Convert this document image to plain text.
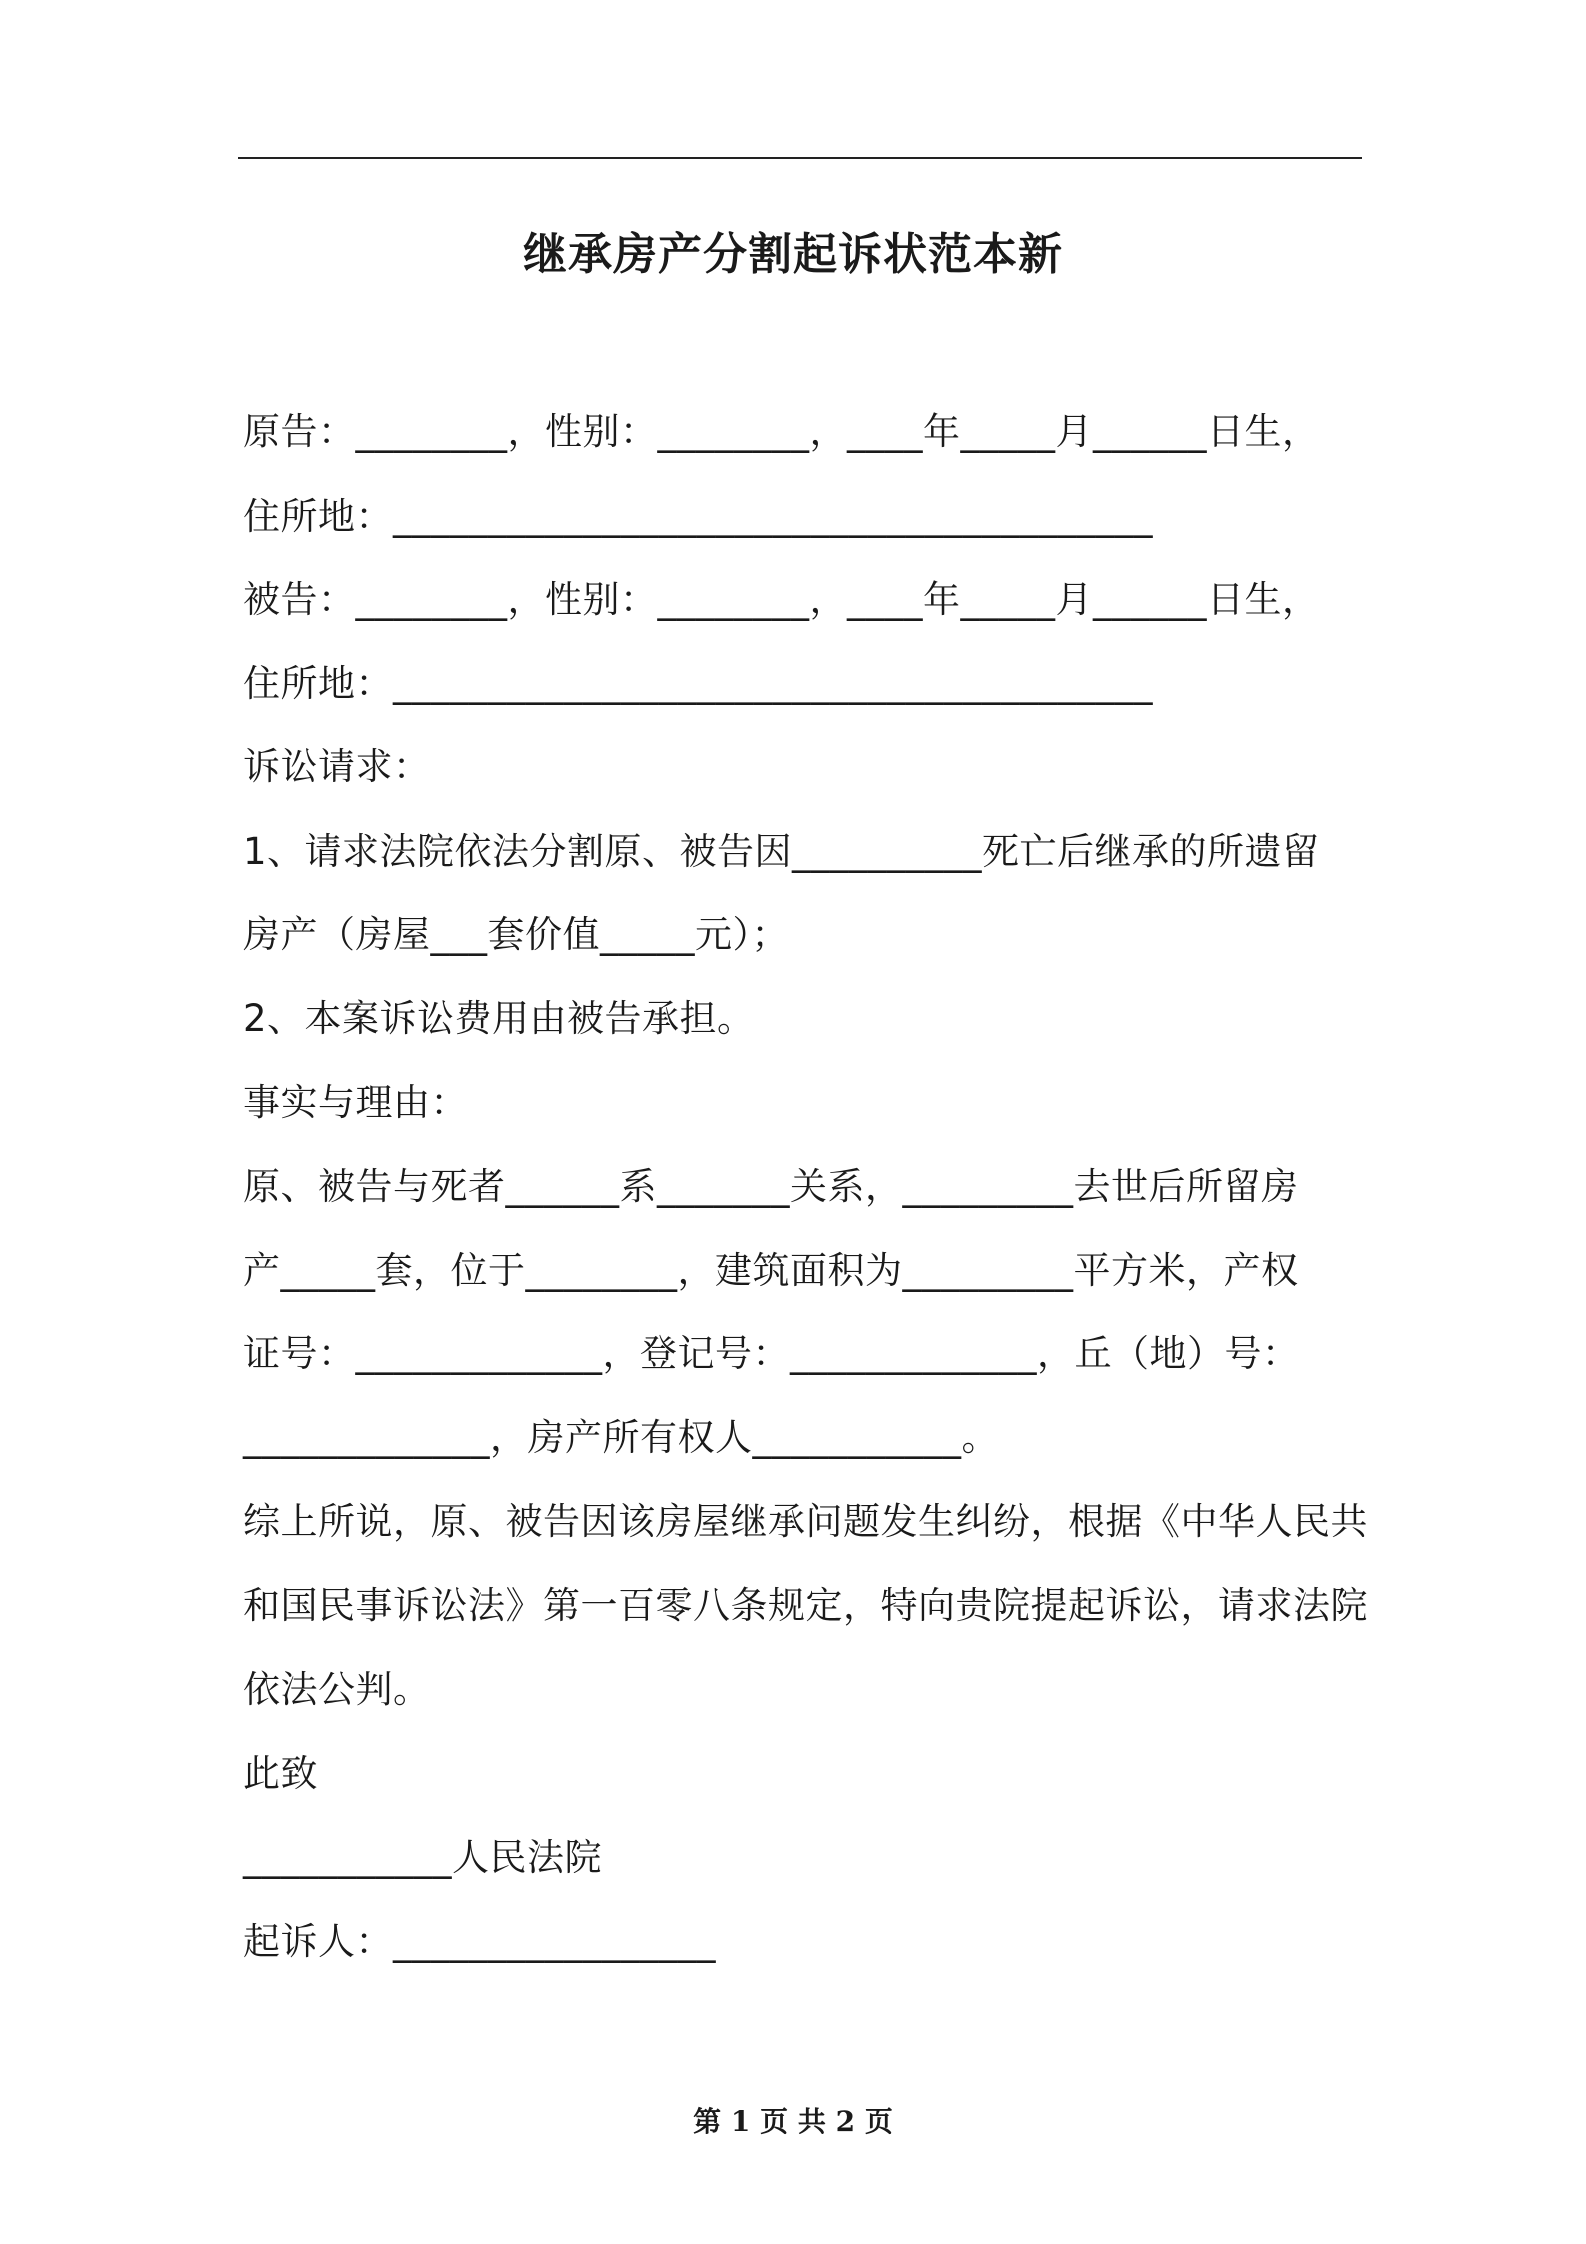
继承房产分割起诉状范本新
原告：________，性别：________，____年_____月______日生，
住所地：________________________________________
被告：________，性别：________，____年_____月______日生，
住所地：________________________________________
诉讼请求：
1、请求法院依法分割原、被告因__________死亡后继承的所遗留
房产（房屋___套价值_____元）；
2、本案诉讼费用由被告承担。
事实与理由：
原、被告与死者______系_______关系，_________去世后所留房
产_____套，位于________，建筑面积为_________平方米，产权
证号：_____________，登记号：_____________，丘（地）号：
_____________，房产所有权人___________。
综上所说，原、被告因该房屋继承问题发生纠纷，根据《中华人民共
和国民事诉讼法》第一百零八条规定，特向贵院提起诉讼，请求法院
依法公判。
此致
___________人民法院
起诉人：_________________
第 1 页 共 2 页
